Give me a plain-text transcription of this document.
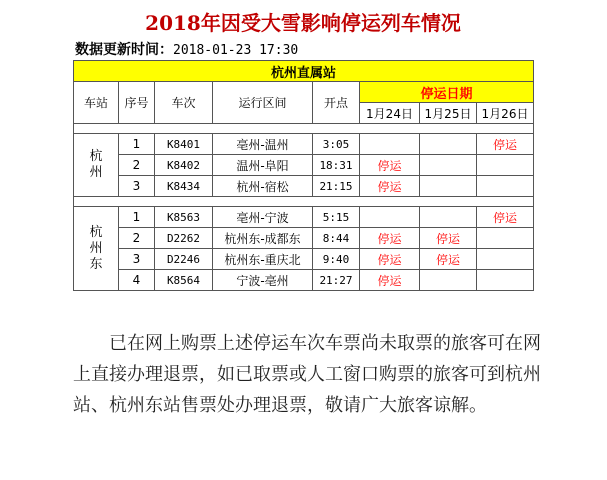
2018年因受大雪影响停运列车情况
数据更新时间：2018-01-23 17:30
杭州直属站							
车站	序号	车次	运行区间	开点	停运日期		
					1月24日	1月25日	1月26日

杭
州	1	K8401	亳州-温州	3:05			停运
	2	K8402	温州-阜阳	18:31	停运		
	3	K8434	杭州-宿松	21:15	停运		

杭
州
东	1	K8563	亳州-宁波	5:15			停运
	2	D2262	杭州东-成都东	8:44	停运	停运	
	3	D2246	杭州东-重庆北	9:40	停运	停运	
	4	K8564	宁波-亳州	21:27	停运		

已在网上购票上述停运车次车票尚未取票的旅客可在网上直接办理退票，如已取票或人工窗口购票的旅客可到杭州站、杭州东站售票处办理退票，敬请广大旅客谅解。
